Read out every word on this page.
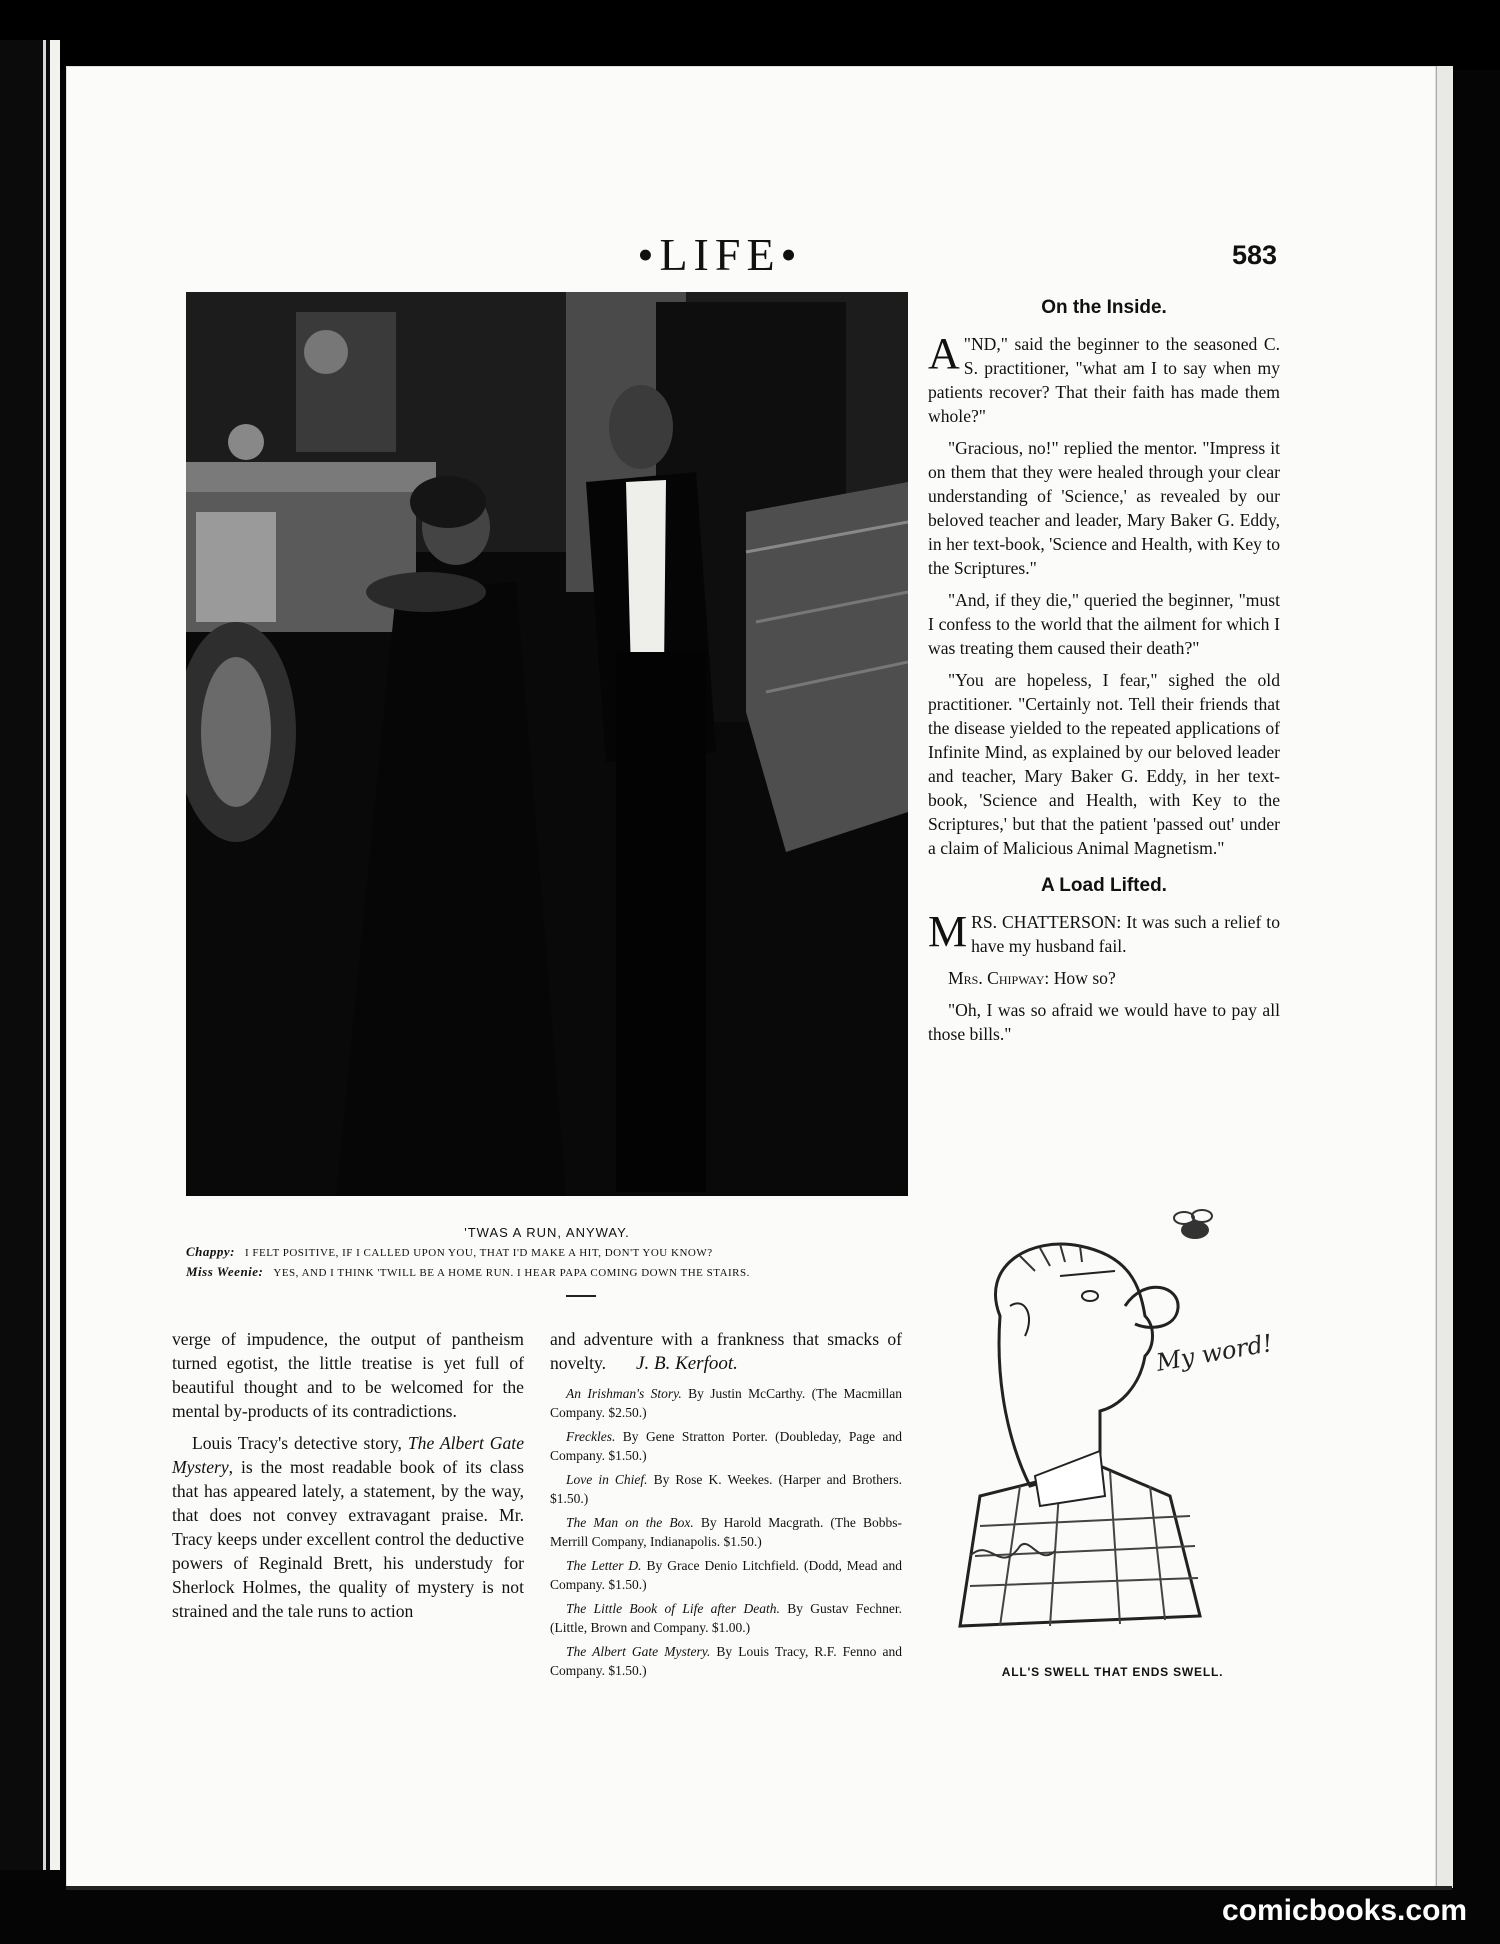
•LIFE•	583
'TWAS A RUN, ANYWAY.
Chappy: I FELT POSITIVE, IF I CALLED UPON YOU, THAT I'D MAKE A HIT, DON'T YOU KNOW?
Miss Weenie: YES, AND I THINK 'TWILL BE A HOME RUN. I HEAR PAPA COMING DOWN THE STAIRS.

verge of impudence, the output of pantheism turned egotist, the little treatise is yet full of beautiful thought and to be welcomed for the mental by-products of its contradictions.

Louis Tracy's detective story, The Albert Gate Mystery, is the most readable book of its class that has appeared lately, a statement, by the way, that does not convey extravagant praise. Mr. Tracy keeps under excellent control the deductive powers of Reginald Brett, his understudy for Sherlock Holmes, the quality of mystery is not strained and the tale runs to action

and adventure with a frankness that smacks of novelty. J. B. Kerfoot.

An Irishman's Story. By Justin McCarthy. (The Macmillan Company. $2.50.)
Freckles. By Gene Stratton Porter. (Doubleday, Page and Company. $1.50.)
Love in Chief. By Rose K. Weekes. (Harper and Brothers. $1.50.)
The Man on the Box. By Harold Macgrath. (The Bobbs-Merrill Company, Indianapolis. $1.50.)
The Letter D. By Grace Denio Litchfield. (Dodd, Mead and Company. $1.50.)
The Little Book of Life after Death. By Gustav Fechner. (Little, Brown and Company. $1.00.)
The Albert Gate Mystery. By Louis Tracy, R.F. Fenno and Company. $1.50.)
On the Inside.

"
A ND," said the beginner to the seasoned C. S. practitioner, "what am I to say when my patients recover? That their faith has made them whole?"

"Gracious, no!" replied the mentor. "Impress it on them that they were healed through your clear understanding of 'Science,' as revealed by our beloved teacher and leader, Mary Baker G. Eddy, in her text-book, 'Science and Health, with Key to the Scriptures."

"And, if they die," queried the beginner, "must I confess to the world that the ailment for which I was treating them caused their death?"

"You are hopeless, I fear," sighed the old practitioner. "Certainly not. Tell their friends that the disease yielded to the repeated applications of Infinite Mind, as explained by our beloved leader and teacher, Mary Baker G. Eddy, in her text-book, 'Science and Health, with Key to the Scriptures,' but that the patient 'passed out' under a claim of Malicious Animal Magnetism."

A Load Lifted.

MRS. CHATTERSON: It was such a relief to have my husband fail.

Mrs. Chipway: How so?

"Oh, I was so afraid we would have to pay all those bills."

My word!
ALL'S SWELL THAT ENDS SWELL.
comicbooks.com
